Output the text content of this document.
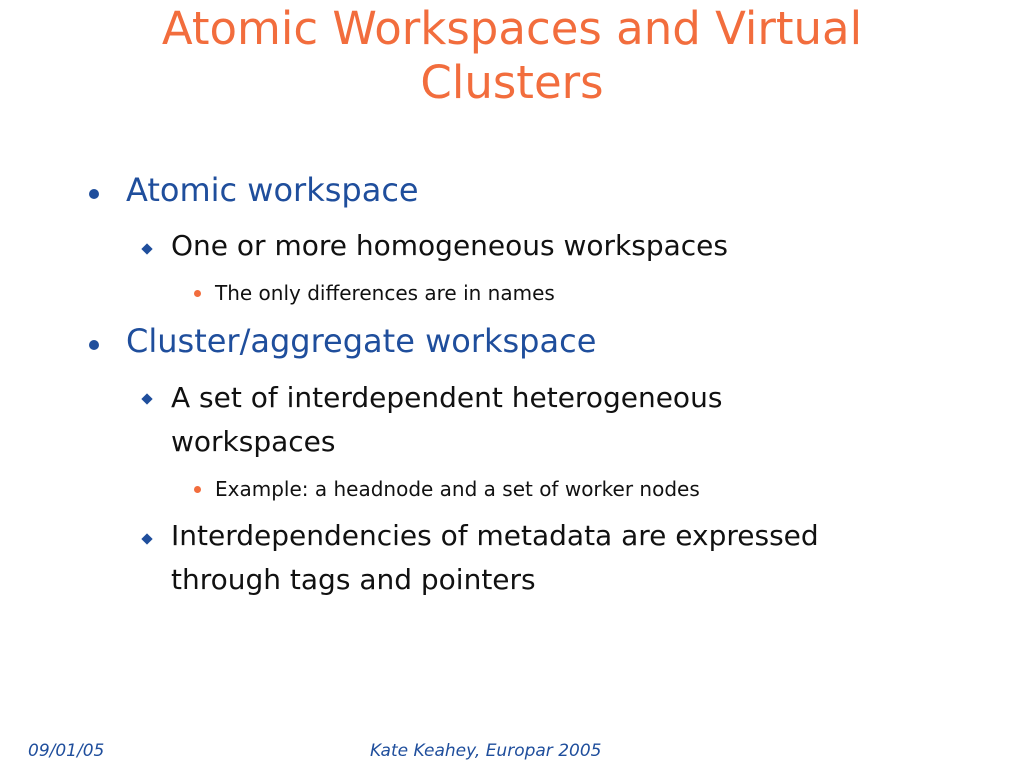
Atomic Workspaces and Virtual Clusters

Atomic workspace

One or more homogeneous workspaces

The only differences are in names

Cluster/aggregate workspace

A set of interdependent heterogeneous workspaces

Example: a headnode and a set of worker nodes

Interdependencies of metadata are expressed through tags and pointers

09/01/05	Kate Keahey, Europar 2005
